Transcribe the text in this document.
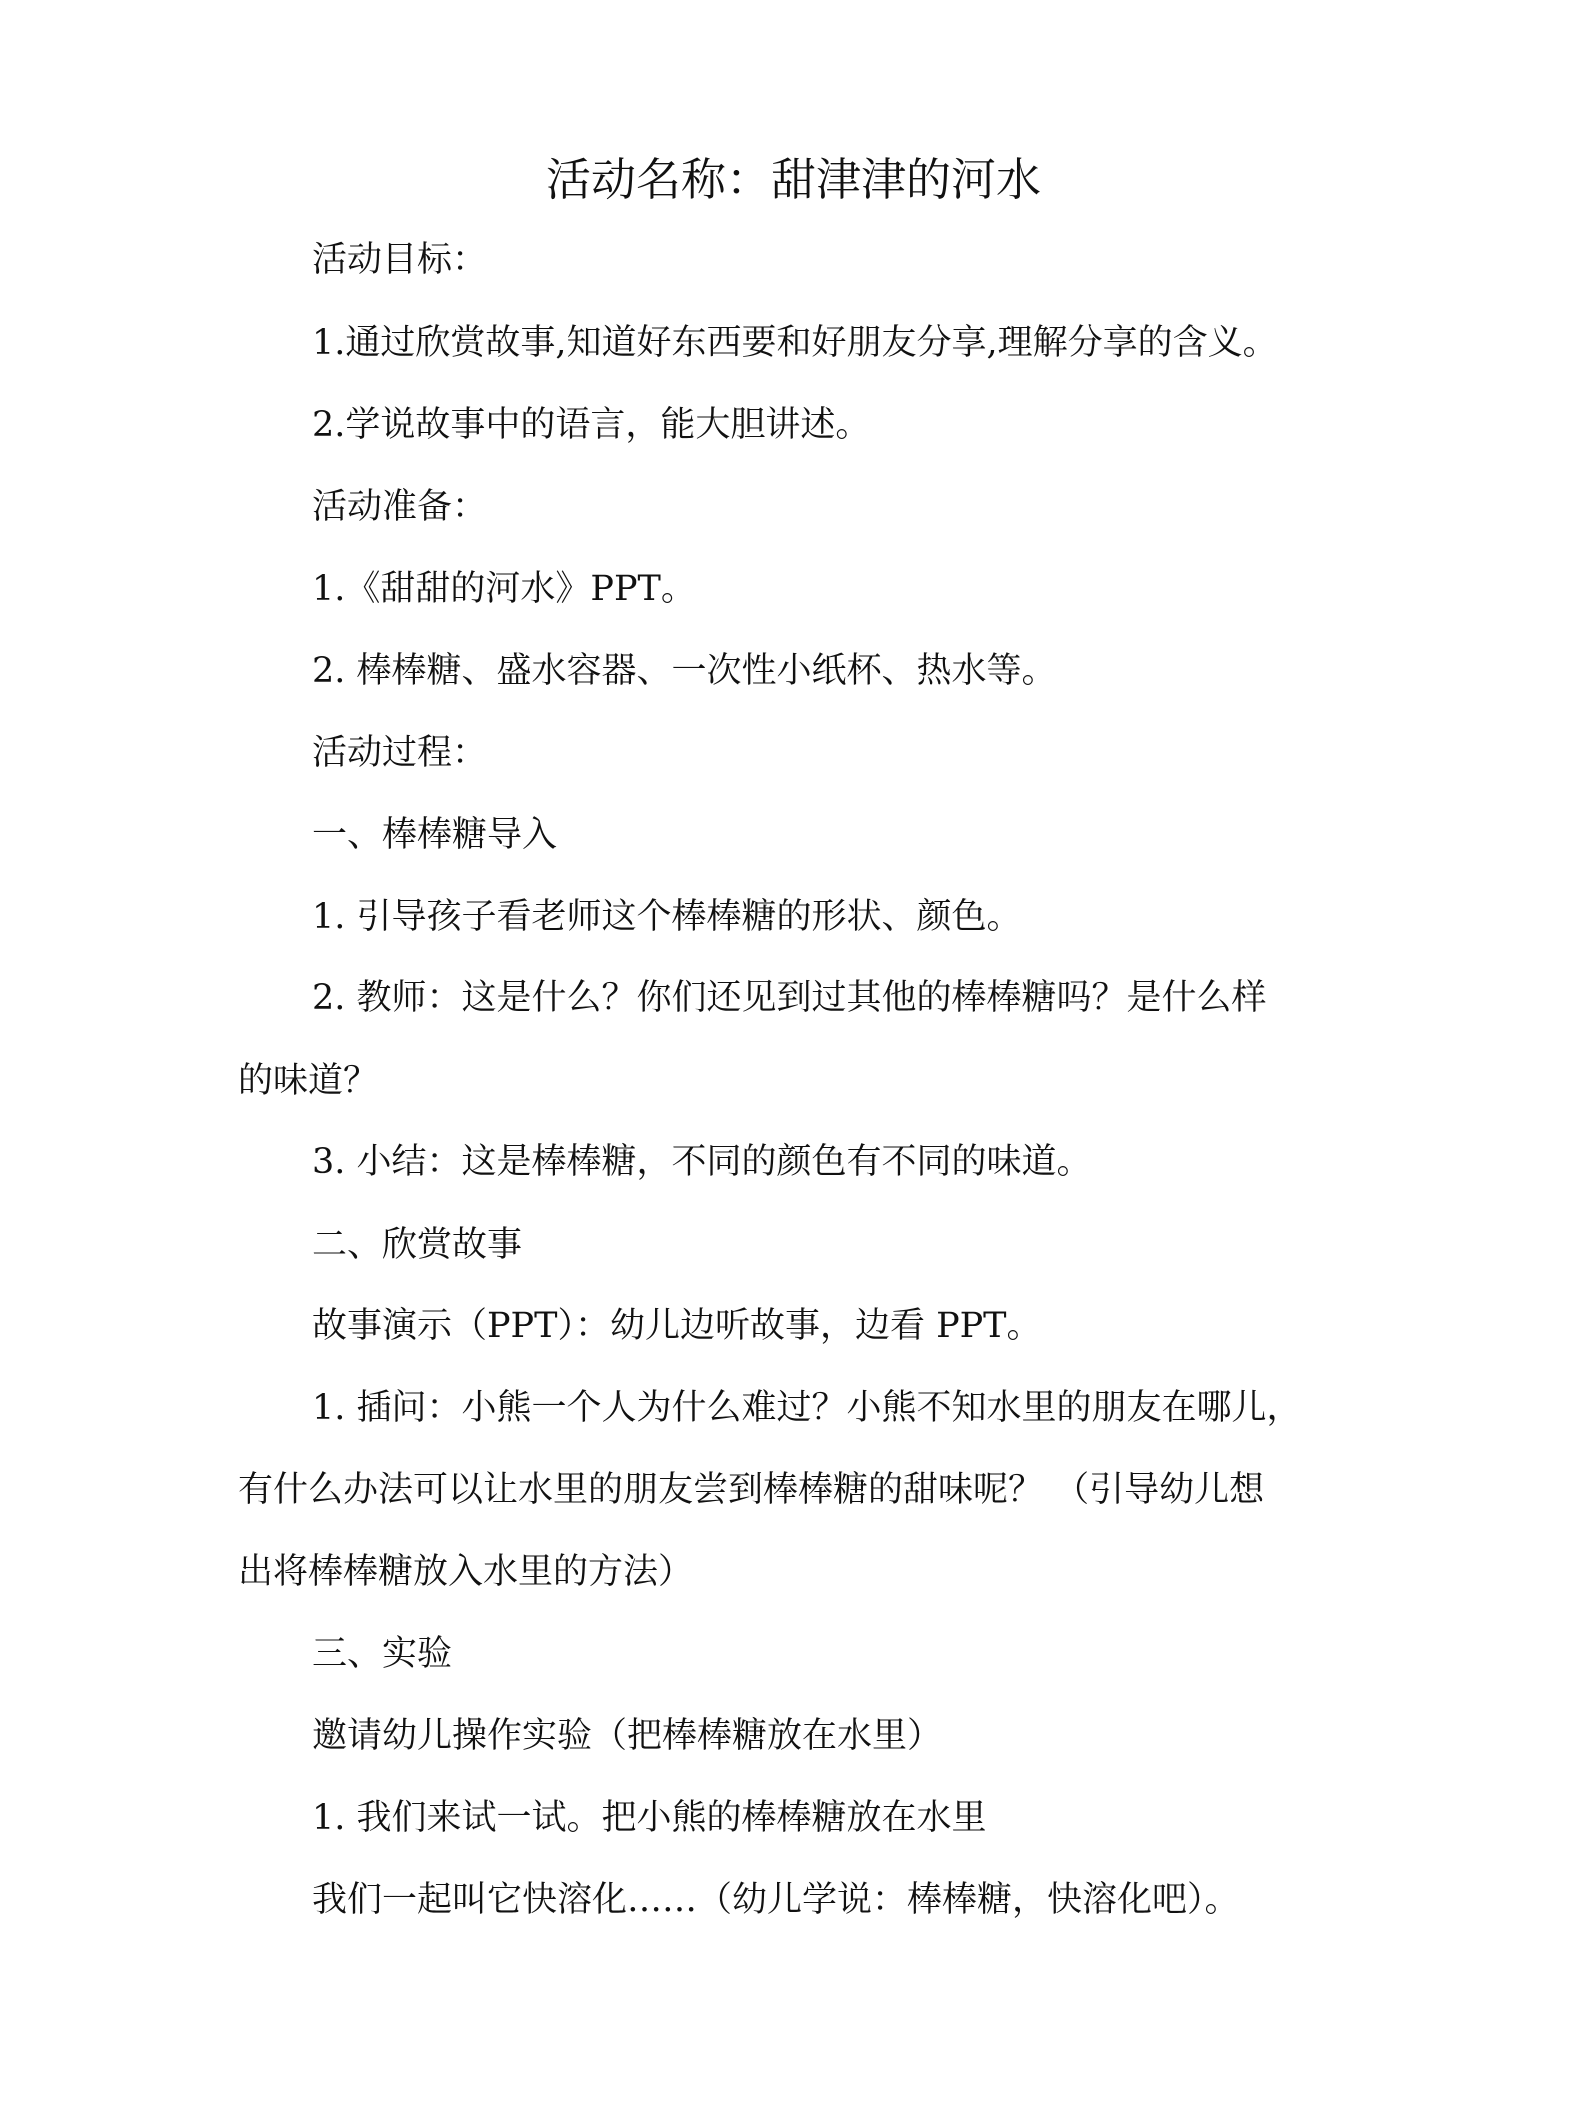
活动名称：甜津津的河水
活动目标：
1.通过欣赏故事,知道好东西要和好朋友分享,理解分享的含义。
2.学说故事中的语言，能大胆讲述。
活动准备：
1.《甜甜的河水》PPT。
2. 棒棒糖、盛水容器、一次性小纸杯、热水等。
活动过程：
一、棒棒糖导入
1. 引导孩子看老师这个棒棒糖的形状、颜色。
2. 教师：这是什么？你们还见到过其他的棒棒糖吗？是什么样
的味道？
3. 小结：这是棒棒糖，不同的颜色有不同的味道。
二、欣赏故事
故事演示（PPT）：幼儿边听故事，边看 PPT。
1. 插问：小熊一个人为什么难过？小熊不知水里的朋友在哪儿，
有什么办法可以让水里的朋友尝到棒棒糖的甜味呢？ （引导幼儿想
出将棒棒糖放入水里的方法）
三、实验
邀请幼儿操作实验（把棒棒糖放在水里）
1. 我们来试一试。把小熊的棒棒糖放在水里
我们一起叫它快溶化……（幼儿学说：棒棒糖，快溶化吧）。
